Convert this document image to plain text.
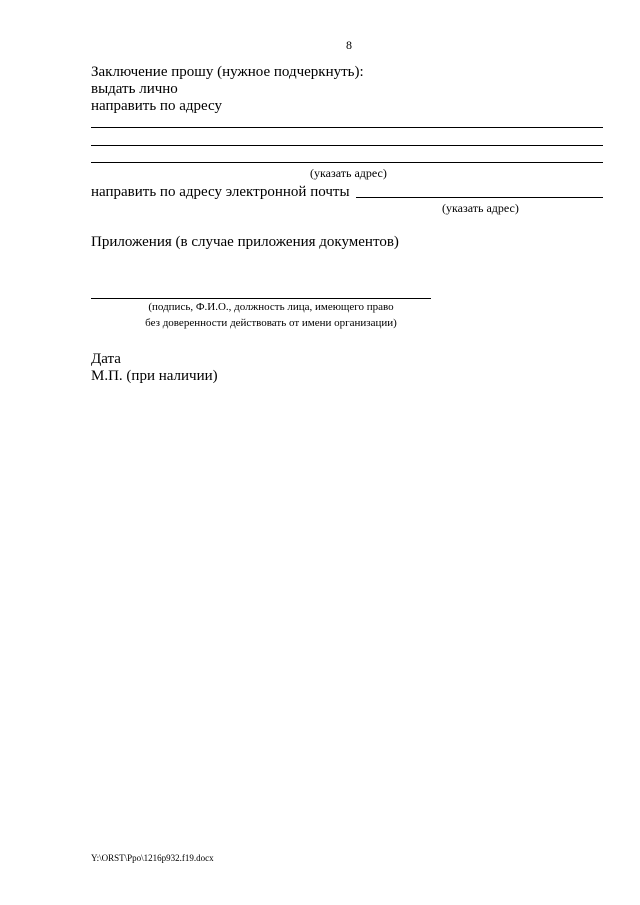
8
Заключение прошу (нужное подчеркнуть):
выдать лично
направить по адресу
(указать адрес)
направить по адресу электронной почты
(указать адрес)
Приложения (в случае приложения документов)
(подпись, Ф.И.О., должность лица, имеющего право
без доверенности действовать от имени организации)
Дата
М.П. (при наличии)
Y:\ORST\Ppo\1216p932.f19.docx
